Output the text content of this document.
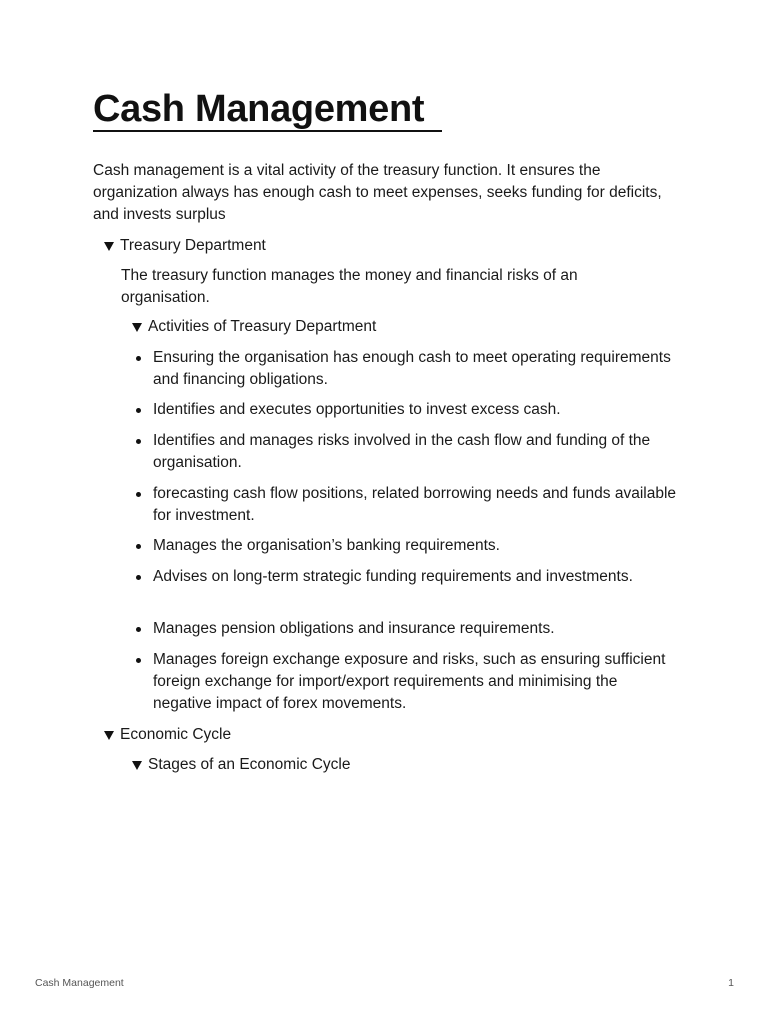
Cash Management

Cash management is a vital activity of the treasury function. It ensures the organization always has enough cash to meet expenses, seeks funding for deficits, and invests surplus

Treasury Department

The treasury function manages the money and financial risks of an organisation.

Activities of Treasury Department
Ensuring the organisation has enough cash to meet operating requirements and financing obligations.
Identifies and executes opportunities to invest excess cash.
Identifies and manages risks involved in the cash flow and funding of the organisation.
forecasting cash flow positions, related borrowing needs and funds available for investment.
Manages the organisation’s banking requirements.
Advises on long-term strategic funding requirements and investments.
Manages pension obligations and insurance requirements.
Manages foreign exchange exposure and risks, such as ensuring sufficient foreign exchange for import/export requirements and minimising the negative impact of forex movements.
Economic Cycle
Stages of an Economic Cycle
Cash Management	1
